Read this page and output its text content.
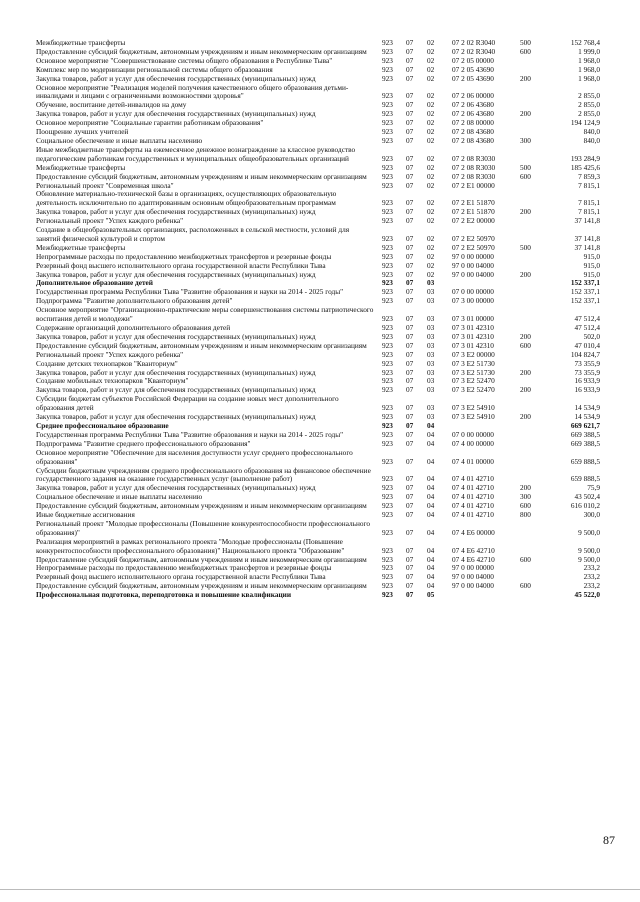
Межбюджетные трансферты	923 07 02 07 2 02 R3040	500	152 768,4
Предоставление субсидий бюджетным, автономным учреждениям и иным некоммерческим организациям	923 07 02 07 2 02 R3040	600	1 999,0
Основное мероприятие "Совершенствование системы общего образования в Республике Тыва"	923 07 02 07 2 05 00000	1 968,0
Комплекс мер по модернизации региональной системы общего образования	923 07 02 07 2 05 43690	1 968,0
Закупка товаров, работ и услуг для обеспечения государственных (муниципальных) нужд	923 07 02 07 2 05 43690	200	1 968,0
Основное мероприятие "Реализация моделей получения качественного общего образования детьми-инвалидами и лицами с ограниченными возможностями здоровья"	923 07 02 07 2 06 00000	2 855,0
Обучение, воспитание детей-инвалидов на дому	923 07 02 07 2 06 43680	2 855,0
Закупка товаров, работ и услуг для обеспечения государственных (муниципальных) нужд	923 07 02 07 2 06 43680	200	2 855,0
Основное мероприятие "Социальные гарантии работникам образования"	923 07 02 07 2 08 00000	194 124,9
Поощрение лучших учителей	923 07 02 07 2 08 43680	840,0
Социальное обеспечение и иные выплаты населению	923 07 02 07 2 08 43680	300	840,0
Иные межбюджетные трансферты на ежемесячное денежное вознаграждение за классное руководство педагогическим работникам государственных и муниципальных общеобразовательных организаций	923 07 02 07 2 08 R3030	193 284,9
Межбюджетные трансферты	923 07 02 07 2 08 R3030	500	185 425,6
Предоставление субсидий бюджетным, автономным учреждениям и иным некоммерческим организациям	923 07 02 07 2 08 R3030	600	7 859,3
Региональный проект "Современная школа"	923 07 02 07 2 E1 00000	7 815,1
Обновление материально-технической базы в организациях, осуществляющих образовательную деятельность исключительно по адаптированным основным общеобразовательным программам	923 07 02 07 2 E1 51870	7 815,1
Закупка товаров, работ и услуг для обеспечения государственных (муниципальных) нужд	923 07 02 07 2 E1 51870	200	7 815,1
Региональный проект "Успех каждого ребенка"	923 07 02 07 2 E2 00000	37 141,8
Создание в общеобразовательных организациях, расположенных в сельской местности, условий для занятий физической культурой и спортом	923 07 02 07 2 E2 50970	37 141,8
Межбюджетные трансферты	923 07 02 07 2 E2 50970	500	37 141,8
Непрограммные расходы по предоставлению межбюджетных трансфертов и резервные фонды	923 07 02 97 0 00 00000	915,0
Резервный фонд высшего исполнительного органа государственной власти Республики Тыва	923 07 02 97 0 00 04000	915,0
Закупка товаров, работ и услуг для обеспечения государственных (муниципальных) нужд	923 07 02 97 0 00 04000	200	915,0
Дополнительное образование детей	923 07 03	152 337,1
Государственная программа Республики Тыва "Развитие образования и науки на 2014 - 2025 годы"	923 07 03 07 0 00 00000	152 337,1
Подпрограмма "Развитие дополнительного образования детей"	923 07 03 07 3 00 00000	152 337,1
Основное мероприятие "Организационно-практические меры совершенствования системы патриотического воспитания детей и молодежи"	923 07 03 07 3 01 00000	47 512,4
Содержание организаций дополнительного образования детей	923 07 03 07 3 01 42310	47 512,4
Закупка товаров, работ и услуг для обеспечения государственных (муниципальных) нужд	923 07 03 07 3 01 42310	200	502,0
Предоставление субсидий бюджетным, автономным учреждениям и иным некоммерческим организациям	923 07 03 07 3 01 42310	600	47 010,4
Региональный проект "Успех каждого ребенка"	923 07 03 07 3 E2 00000	104 824,7
Создание детских технопарков "Кванториум"	923 07 03 07 3 E2 51730	73 355,9
Закупка товаров, работ и услуг для обеспечения государственных (муниципальных) нужд	923 07 03 07 3 E2 51730	200	73 355,9
Создание мобильных технопарков "Кванториум"	923 07 03 07 3 E2 52470	16 933,9
Закупка товаров, работ и услуг для обеспечения государственных (муниципальных) нужд	923 07 03 07 3 E2 52470	200	16 933,9
Субсидии бюджетам субъектов Российской Федерации на создание новых мест дополнительного образования детей	923 07 03 07 3 E2 54910	14 534,9
Закупка товаров, работ и услуг для обеспечения государственных (муниципальных) нужд	923 07 03 07 3 E2 54910	200	14 534,9
Среднее профессиональное образование	923 07 04	669 621,7
Государственная программа Республики Тыва "Развитие образования и науки на 2014 - 2025 годы"	923 07 04 07 0 00 00000	669 388,5
Подпрограмма "Развитие среднего профессионального образования"	923 07 04 07 4 00 00000	669 388,5
Основное мероприятие "Обеспечение для населения доступности услуг среднего профессионального образования"	923 07 04 07 4 01 00000	659 888,5
Субсидии бюджетным учреждениям среднего профессионального образования на финансовое обеспечение государственного задания на оказание государственных услуг (выполнение работ)	923 07 04 07 4 01 42710	659 888,5
Закупка товаров, работ и услуг для обеспечения государственных (муниципальных) нужд	923 07 04 07 4 01 42710	200	75,9
Социальное обеспечение и иные выплаты населению	923 07 04 07 4 01 42710	300	43 502,4
Предоставление субсидий бюджетным, автономным учреждениям и иным некоммерческим организациям	923 07 04 07 4 01 42710	600	616 010,2
Иные бюджетные ассигнования	923 07 04 07 4 01 42710	800	300,0
Региональный проект "Молодые профессионалы (Повышение конкурентоспособности профессионального образования)"	923 07 04 07 4 E6 00000	9 500,0
Реализация мероприятий в рамках регионального проекта "Молодые профессионалы (Повышение конкурентоспособности профессионального образования)" Национального проекта "Образование"	923 07 04 07 4 E6 42710	9 500,0
Предоставление субсидий бюджетным, автономным учреждениям и иным некоммерческим организациям	923 07 04 07 4 E6 42710	600	9 500,0
Непрограммные расходы по предоставлению межбюджетных трансфертов и резервные фонды	923 07 04 97 0 00 00000	233,2
Резервный фонд высшего исполнительного органа государственной власти Республики Тыва	923 07 04 97 0 00 04000	233,2
Предоставление субсидий бюджетным, автономным учреждениям и иным некоммерческим организациям	923 07 04 97 0 00 04000	600	233,2
Профессиональная подготовка, переподготовка и повышение квалификации	923 07 05	45 522,0
87
